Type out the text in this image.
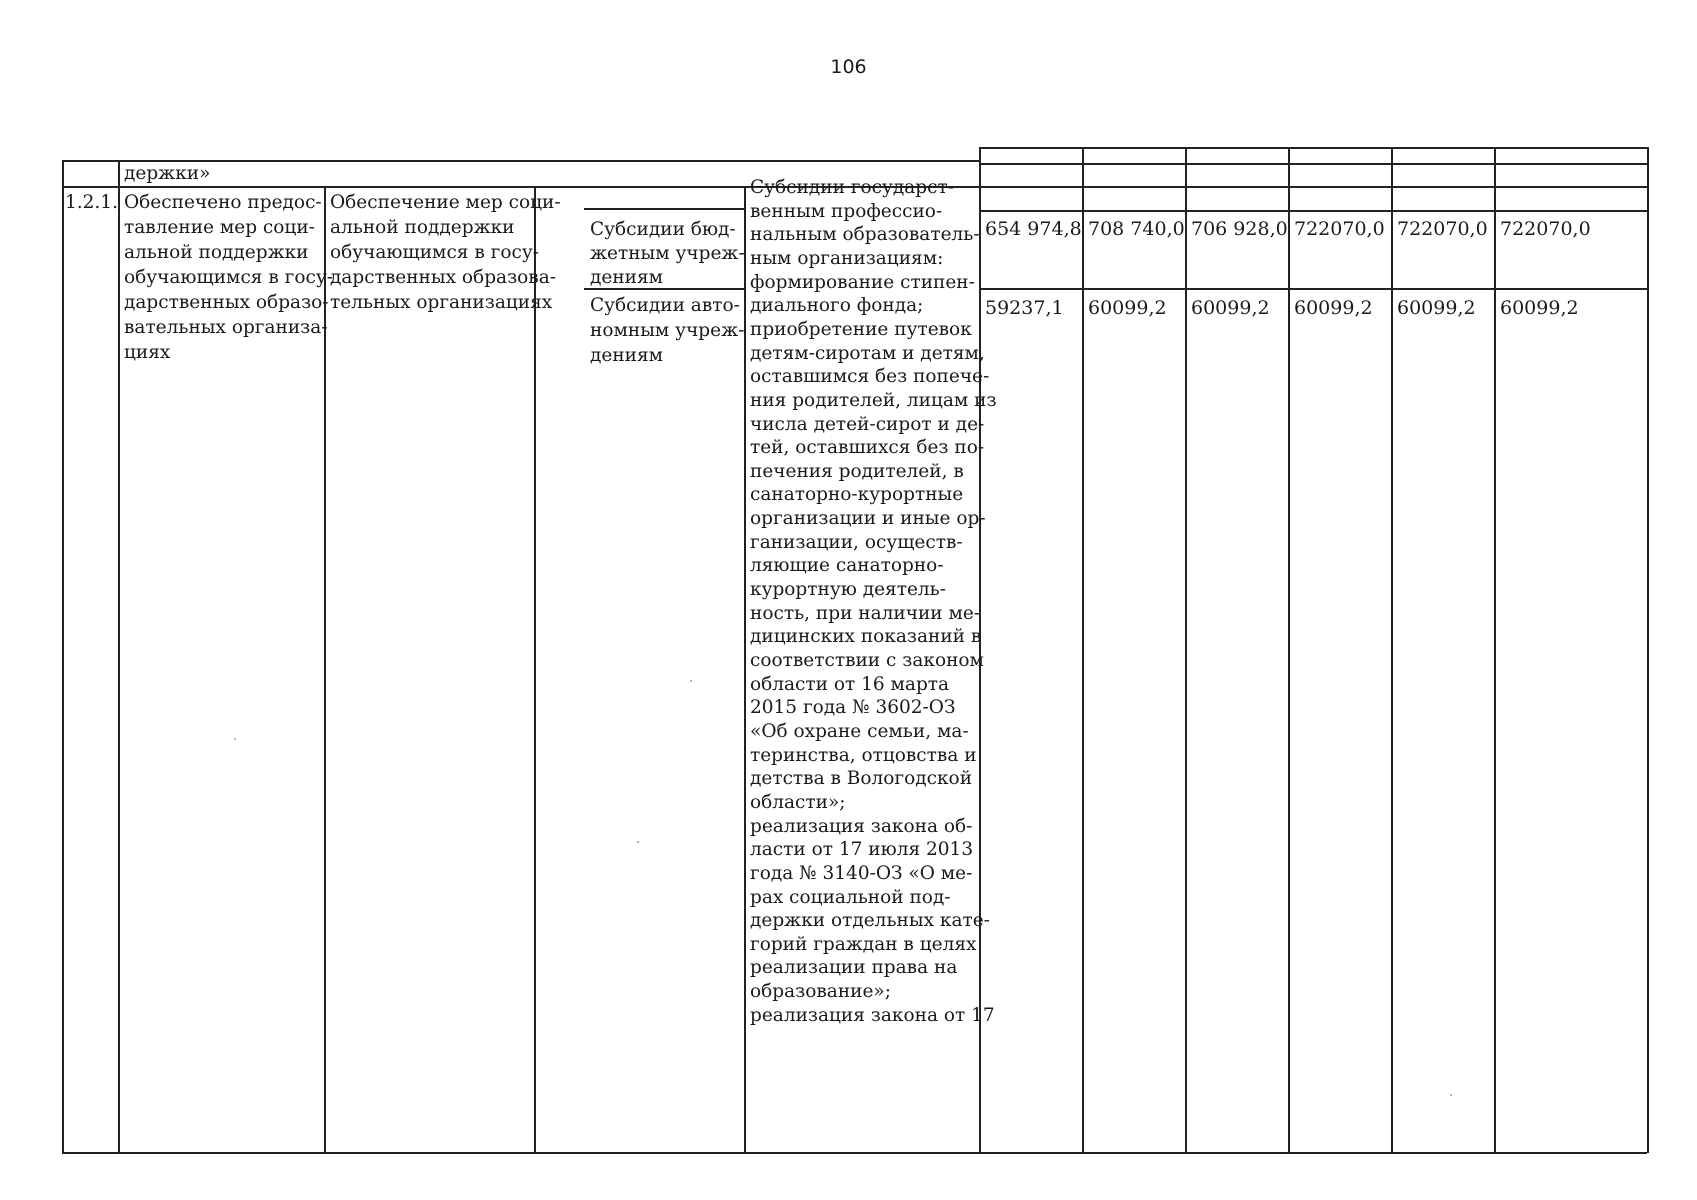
106
держки»
1.2.1. Обеспечено предос-
тавление мер соци-
альной поддержки
обучающимся в госу-
дарственных образо-
вательных организа-
циях
Обеспечение мер соци-
альной поддержки
обучающимся в госу-
дарственных образова-
тельных организациях
Субсидии бюд-
жетным учреж-
дениям
Субсидии авто-
номным учреж-
дениям
654 974,8 708 740,0 706 928,0 722070,0 722070,0 722070,0
59237,1 60099,2 60099,2 60099,2 60099,2 60099,2
Субсидии государст-
венным профессио-
нальным образователь-
ным организациям:
формирование стипен-
диального фонда;
приобретение путевок
детям-сиротам и детям,
оставшимся без попече-
ния родителей, лицам из
числа детей-сирот и де-
тей, оставшихся без по-
печения родителей, в
санаторно-курортные
организации и иные ор-
ганизации, осуществ-
ляющие санаторно-
курортную деятель-
ность, при наличии ме-
дицинских показаний в
соответствии с законом
области от 16 марта
2015 года № 3602-ОЗ
«Об охране семьи, ма-
теринства, отцовства и
детства в Вологодской
области»;
реализация закона об-
ласти от 17 июля 2013
года № 3140-ОЗ «О ме-
рах социальной под-
держки отдельных кате-
горий граждан в целях
реализации права на
образование»;
реализация закона от 17
